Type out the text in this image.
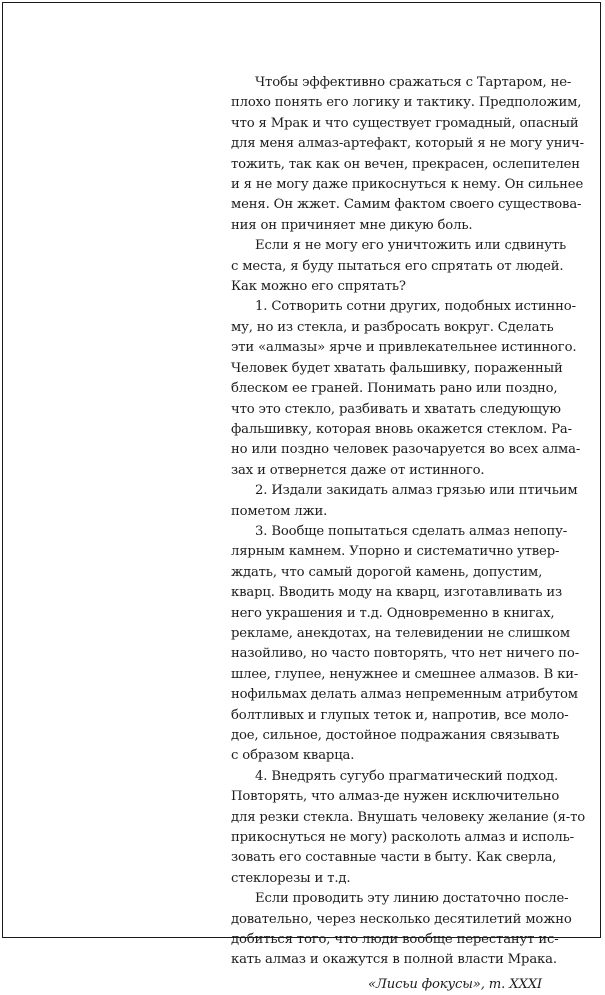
Чтобы эффективно сражаться с Тартаром, не-
плохо понять его логику и тактику. Предположим,
что я Мрак и что существует громадный, опасный
для меня алмаз-артефакт, который я не могу унич-
тожить, так как он вечен, прекрасен, ослепителен
и я не могу даже прикоснуться к нему. Он сильнее
меня. Он жжет. Самим фактом своего существова-
ния он причиняет мне дикую боль.
Если я не могу его уничтожить или сдвинуть
с места, я буду пытаться его спрятать от людей.
Как можно его спрятать?
1. Сотворить сотни других, подобных истинно-
му, но из стекла, и разбросать вокруг. Сделать
эти «алмазы» ярче и привлекательнее истинного.
Человек будет хватать фальшивку, пораженный
блеском ее граней. Понимать рано или поздно,
что это стекло, разбивать и хватать следующую
фальшивку, которая вновь окажется стеклом. Ра-
но или поздно человек разочаруется во всех алма-
зах и отвернется даже от истинного.
2. Издали закидать алмаз грязью или птичьим
пометом лжи.
3. Вообще попытаться сделать алмаз непопу-
лярным камнем. Упорно и систематично утвер-
ждать, что самый дорогой камень, допустим,
кварц. Вводить моду на кварц, изготавливать из
него украшения и т.д. Одновременно в книгах,
рекламе, анекдотах, на телевидении не слишком
назойливо, но часто повторять, что нет ничего по-
шлее, глупее, ненужнее и смешнее алмазов. В ки-
нофильмах делать алмаз непременным атрибутом
болтливых и глупых теток и, напротив, все моло-
дое, сильное, достойное подражания связывать
с образом кварца.
4. Внедрять сугубо прагматический подход.
Повторять, что алмаз-де нужен исключительно
для резки стекла. Внушать человеку желание (я-то
прикоснуться не могу) расколоть алмаз и исполь-
зовать его составные части в быту. Как сверла,
стеклорезы и т.д.
Если проводить эту линию достаточно после-
довательно, через несколько десятилетий можно
добиться того, что люди вообще перестанут ис-
кать алмаз и окажутся в полной власти Мрака.
«Лисьи фокусы», т. XXXI
